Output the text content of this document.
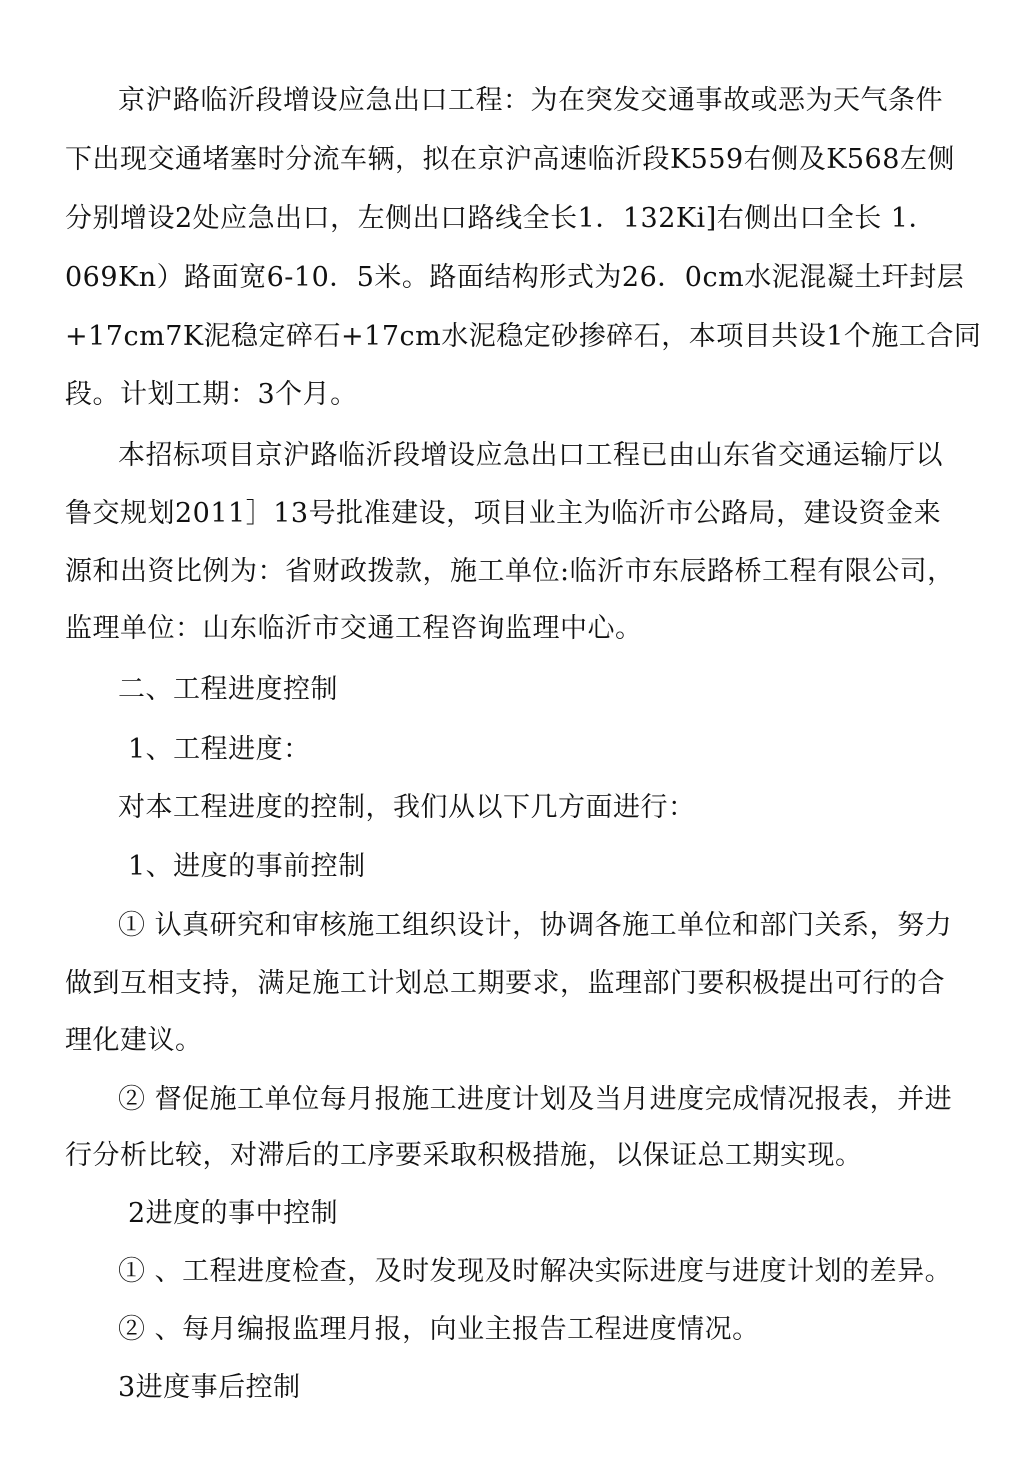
京沪路临沂段增设应急出口工程：为在突发交通事故或恶为天气条件
下出现交通堵塞时分流车辆，拟在京沪高速临沂段K559右侧及K568左侧
分别增设2处应急出口，左侧出口路线全长1．132Ki]右侧出口全长 1．
069Kn）路面宽6-10．5米。路面结构形式为26．0cm水泥混凝土玕封层
+17cm7K泥稳定碎石+17cm水泥稳定砂掺碎石，本项目共设1个施工合同
段。计划工期：3个月。
本招标项目京沪路临沂段增设应急出口工程已由山东省交通运输厅以
鲁交规划2011］13号批准建设，项目业主为临沂市公路局，建设资金来
源和出资比例为：省财政拨款，施工单位:临沂市东辰路桥工程有限公司，
监理单位：山东临沂市交通工程咨询监理中心。
二、工程进度控制
1、工程进度：
对本工程进度的控制，我们从以下几方面进行：
1、进度的事前控制
① 认真研究和审核施工组织设计，协调各施工单位和部门关系，努力
做到互相支持，满足施工计划总工期要求，监理部门要积极提出可行的合
理化建议。
② 督促施工单位每月报施工进度计划及当月进度完成情况报表，并进
行分析比较，对滞后的工序要采取积极措施，以保证总工期实现。
2进度的事中控制
① 、工程进度检查，及时发现及时解决实际进度与进度计划的差异。
② 、每月编报监理月报，向业主报告工程进度情况。
3进度事后控制
